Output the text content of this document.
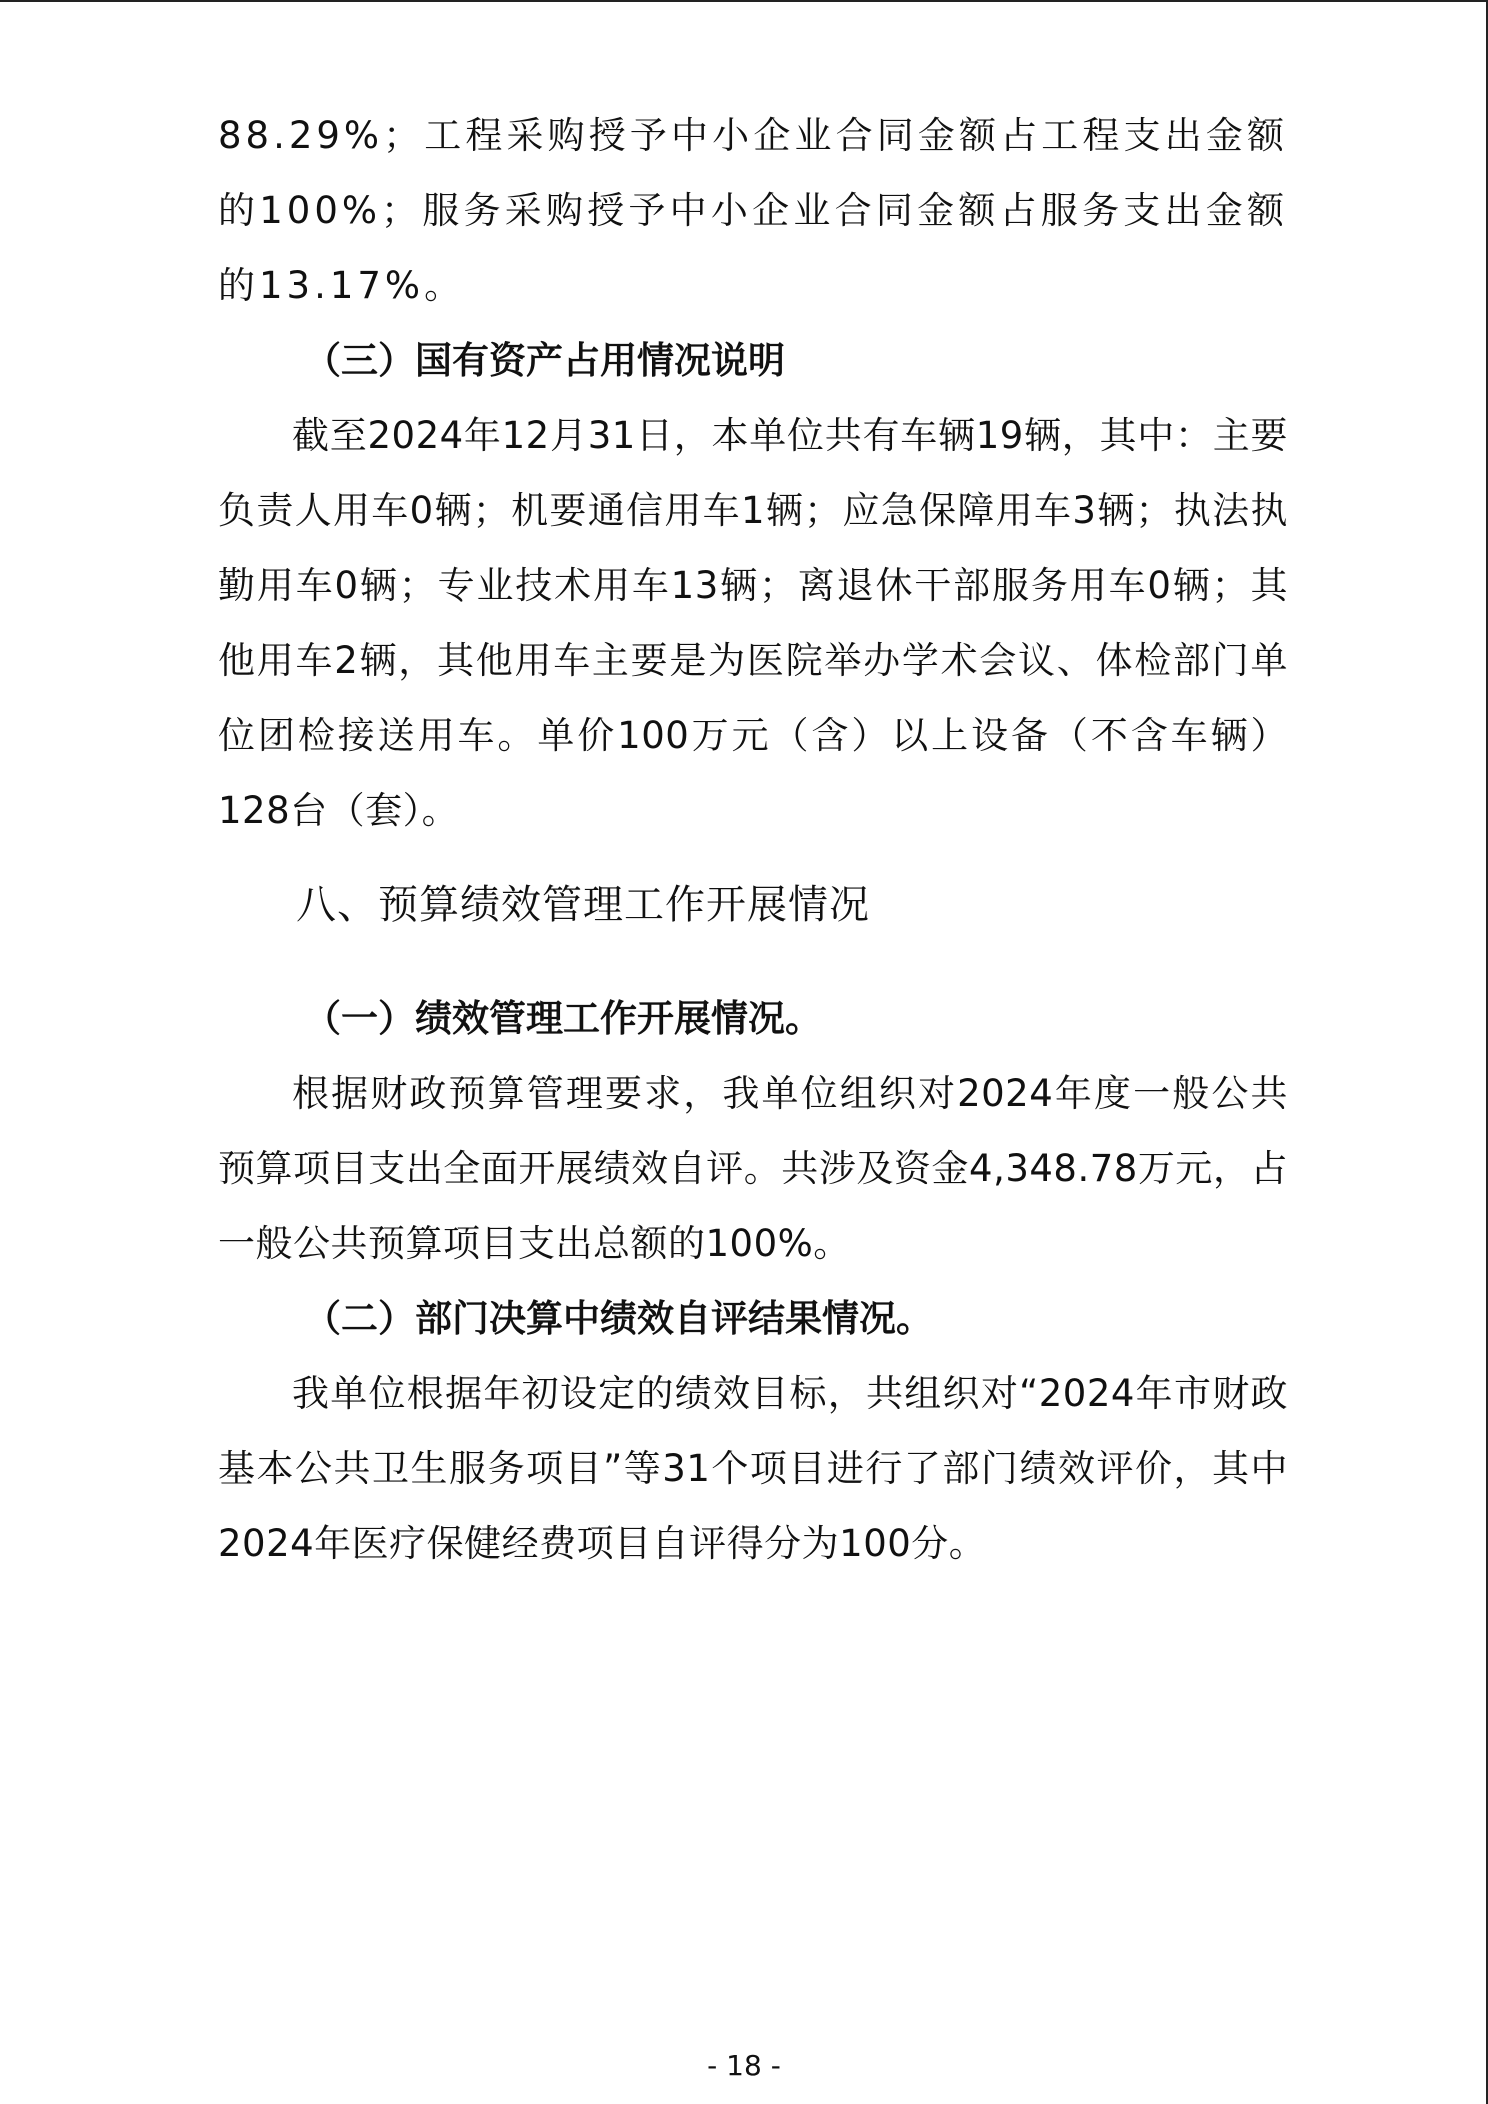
88.29%；工程采购授予中小企业合同金额占工程支出金额的100%；服务采购授予中小企业合同金额占服务支出金额的13.17%。

（三）国有资产占用情况说明

截至2024年12月31日，本单位共有车辆19辆，其中：主要负责人用车0辆；机要通信用车1辆；应急保障用车3辆；执法执勤用车0辆；专业技术用车13辆；离退休干部服务用车0辆；其他用车2辆，其他用车主要是为医院举办学术会议、体检部门单位团检接送用车。单价100万元（含）以上设备（不含车辆）128台（套）。

八、预算绩效管理工作开展情况

（一）绩效管理工作开展情况。

根据财政预算管理要求，我单位组织对2024年度一般公共预算项目支出全面开展绩效自评。共涉及资金4,348.78万元，占一般公共预算项目支出总额的100%。

（二）部门决算中绩效自评结果情况。

我单位根据年初设定的绩效目标，共组织对“2024年市财政基本公共卫生服务项目”等31个项目进行了部门绩效评价，其中2024年医疗保健经费项目自评得分为100分。

- 18 -
